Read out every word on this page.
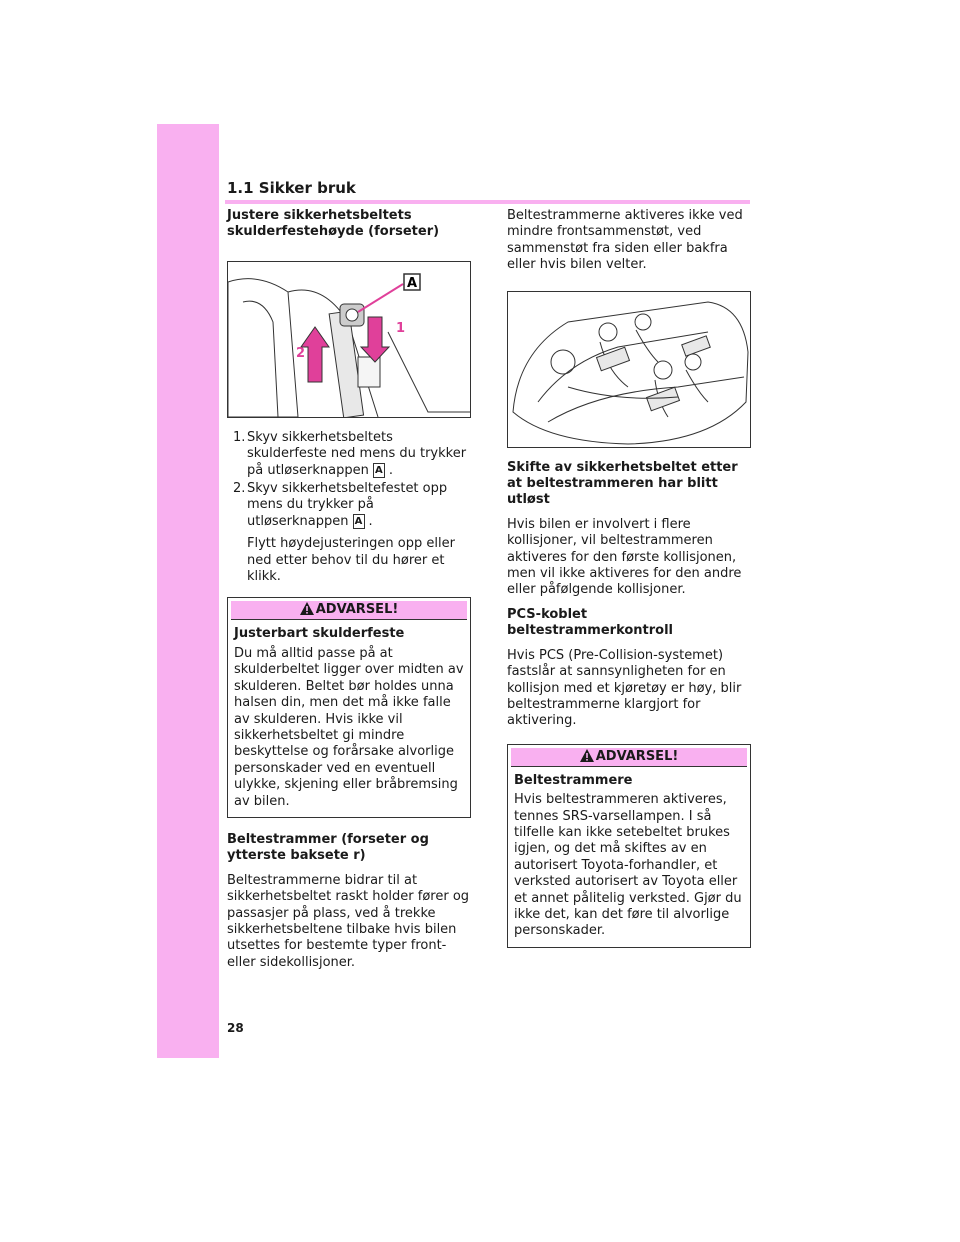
1.1 Sikker bruk

Justere sikkerhetsbeltets skulderfestehøyde (forseter)

A
1
2
1. Skyv sikkerhetsbeltets skulderfeste ned mens du trykker på utløserknappen A .
2. Skyv sikkerhetsbeltefestet opp mens du trykker på utløserknappen A .

Flytt høydejusteringen opp eller ned etter behov til du hører et klikk.

ADVARSEL!

Justerbart skulderfeste

Du må alltid passe på at skulderbeltet ligger over midten av skulderen. Beltet bør holdes unna halsen din, men det må ikke falle av skulderen. Hvis ikke vil sikkerhetsbeltet gi mindre beskyttelse og forårsake alvorlige personskader ved en eventuell ulykke, skjening eller bråbremsing av bilen.

Beltestrammer (forseter og ytterste baksete r)

Beltestrammerne bidrar til at sikkerhetsbeltet raskt holder fører og passasjer på plass, ved å trekke sikkerhetsbeltene tilbake hvis bilen utsettes for bestemte typer front- eller sidekollisjoner.

Beltestrammerne aktiveres ikke ved mindre frontsammenstøt, ved sammenstøt fra siden eller bakfra eller hvis bilen velter.

Skifte av sikkerhetsbeltet etter at beltestrammeren har blitt utløst

Hvis bilen er involvert i flere kollisjoner, vil beltestrammeren aktiveres for den første kollisjonen, men vil ikke aktiveres for den andre eller påfølgende kollisjoner.

PCS-koblet beltestrammerkontroll

Hvis PCS (Pre-Collision-systemet) fastslår at sannsynligheten for en kollisjon med et kjøretøy er høy, blir beltestrammerne klargjort for aktivering.

ADVARSEL!

Beltestrammere

Hvis beltestrammeren aktiveres, tennes SRS-varsellampen. I så tilfelle kan ikke setebeltet brukes igjen, og det må skiftes av en autorisert Toyota-forhandler, et verksted autorisert av Toyota eller et annet pålitelig verksted. Gjør du ikke det, kan det føre til alvorlige personskader.

28
